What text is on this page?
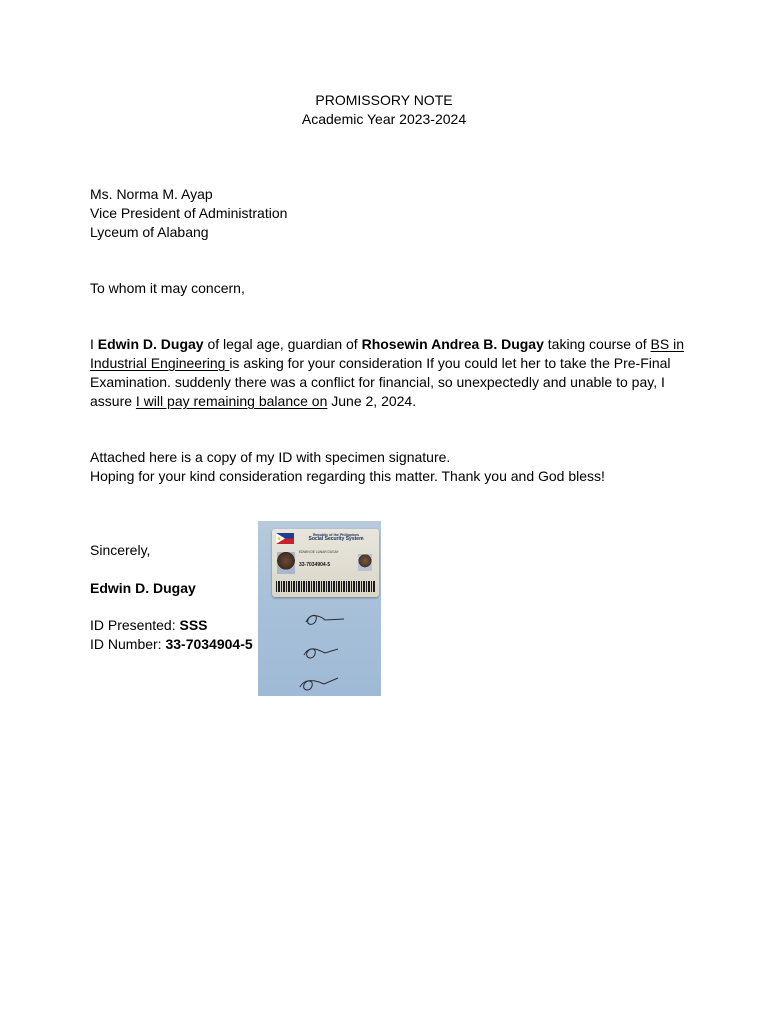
PROMISSORY NOTE
Academic Year 2023-2024
Ms. Norma M. Ayap
Vice President of Administration
Lyceum of Alabang
To whom it may concern,
I Edwin D. Dugay of legal age, guardian of Rhosewin Andrea B. Dugay taking course of BS in
Industrial Engineering is asking for your consideration If you could let her to take the Pre-Final
Examination. suddenly there was a conflict for financial, so unexpectedly and unable to pay, I
assure I will pay remaining balance on June 2, 2024.
Attached here is a copy of my ID with specimen signature.
Hoping for your kind consideration regarding this matter. Thank you and God bless!
Sincerely,
Edwin D. Dugay
ID Presented: SSS
ID Number: 33-7034904-5
Republic of the Philippines
Social Security System
EDWIN DE LUNAR DUGAY
33-7034904-5
